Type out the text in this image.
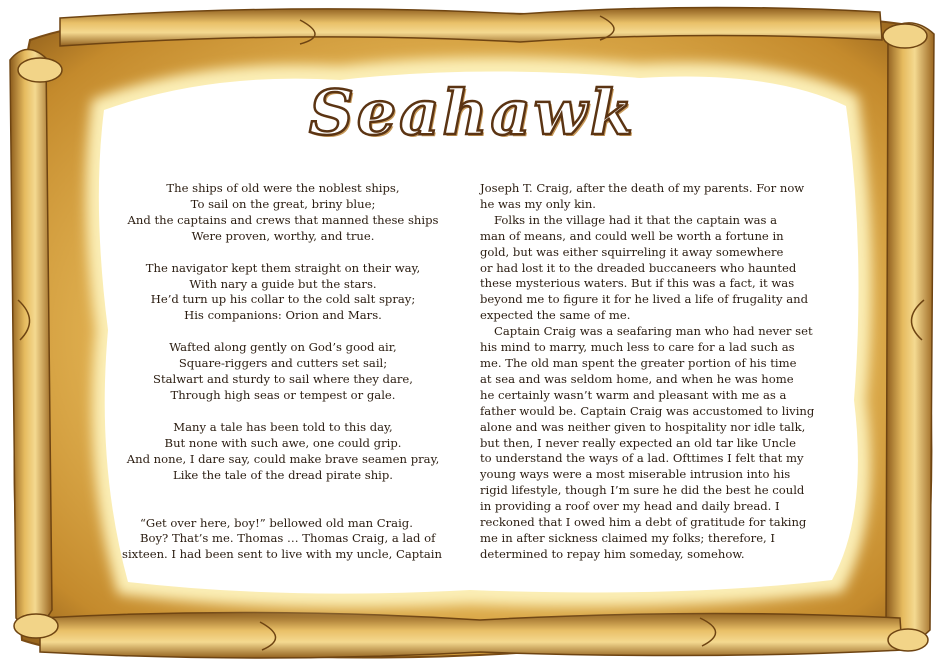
Seahawk
The ships of old were the noblest ships,
To sail on the great, briny blue;
And the captains and crews that manned these ships
Were proven, worthy, and true.
The navigator kept them straight on their way,
With nary a guide but the stars.
He’d turn up his collar to the cold salt spray;
His companions: Orion and Mars.
Wafted along gently on God’s good air,
Square-riggers and cutters set sail;
Stalwart and sturdy to sail where they dare,
Through high seas or tempest or gale.
Many a tale has been told to this day,
But none with such awe, one could grip.
And none, I dare say, could make brave seamen pray,
Like the tale of the dread pirate ship.
“Get over here, boy!” bellowed old man Craig.
Boy? That’s me. Thomas … Thomas Craig, a lad of
sixteen. I had been sent to live with my uncle, Captain
Joseph T. Craig, after the death of my parents. For now
he was my only kin.
Folks in the village had it that the captain was a
man of means, and could well be worth a fortune in
gold, but was either squirreling it away somewhere
or had lost it to the dreaded buccaneers who haunted
these mysterious waters. But if this was a fact, it was
beyond me to figure it for he lived a life of frugality and
expected the same of me.
Captain Craig was a seafaring man who had never set
his mind to marry, much less to care for a lad such as
me. The old man spent the greater portion of his time
at sea and was seldom home, and when he was home
he certainly wasn’t warm and pleasant with me as a
father would be. Captain Craig was accustomed to living
alone and was neither given to hospitality nor idle talk,
but then, I never really expected an old tar like Uncle
to understand the ways of a lad. Ofttimes I felt that my
young ways were a most miserable intrusion into his
rigid lifestyle, though I’m sure he did the best he could
in providing a roof over my head and daily bread. I
reckoned that I owed him a debt of gratitude for taking
me in after sickness claimed my folks; therefore, I
determined to repay him someday, somehow.
